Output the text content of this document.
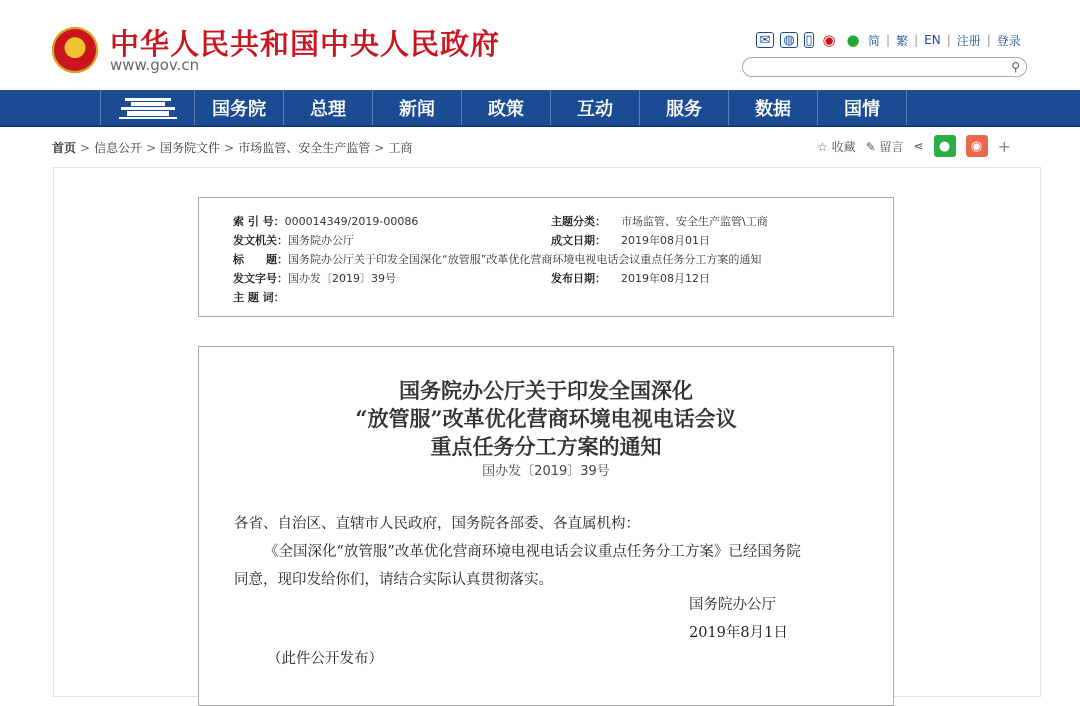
中华人民共和国中央人民政府
www.gov.cn
✉ ◍ ▯ ◉ ● 简 | 繁 | EN | 注册 | 登录
⚲
国务院	总理	新闻	政策	互动	服务	数据	国情
首页 > 信息公开 > 国务院文件 > 市场监管、安全生产监管 > 工商	☆ 收藏 ✎ 留言 ⋖	●	◉ +
索 引 号：000014349/2019-00086	主题分类： 市场监管、安全生产监管\工商
发文机关：国务院办公厅	成文日期： 2019年08月01日
标　　题：国务院办公厅关于印发全国深化“放管服”改革优化营商环境电视电话会议重点任务分工方案的通知
发文字号：国办发〔2019〕39号	发布日期： 2019年08月12日
主 题 词：
国务院办公厅关于印发全国深化
“放管服”改革优化营商环境电视电话会议
重点任务分工方案的通知
国办发〔2019〕39号
各省、自治区、直辖市人民政府，国务院各部委、各直属机构：
《全国深化“放管服”改革优化营商环境电视电话会议重点任务分工方案》已经国务院
同意，现印发给你们，请结合实际认真贯彻落实。
国务院办公厅
2019年8月1日
（此件公开发布）
